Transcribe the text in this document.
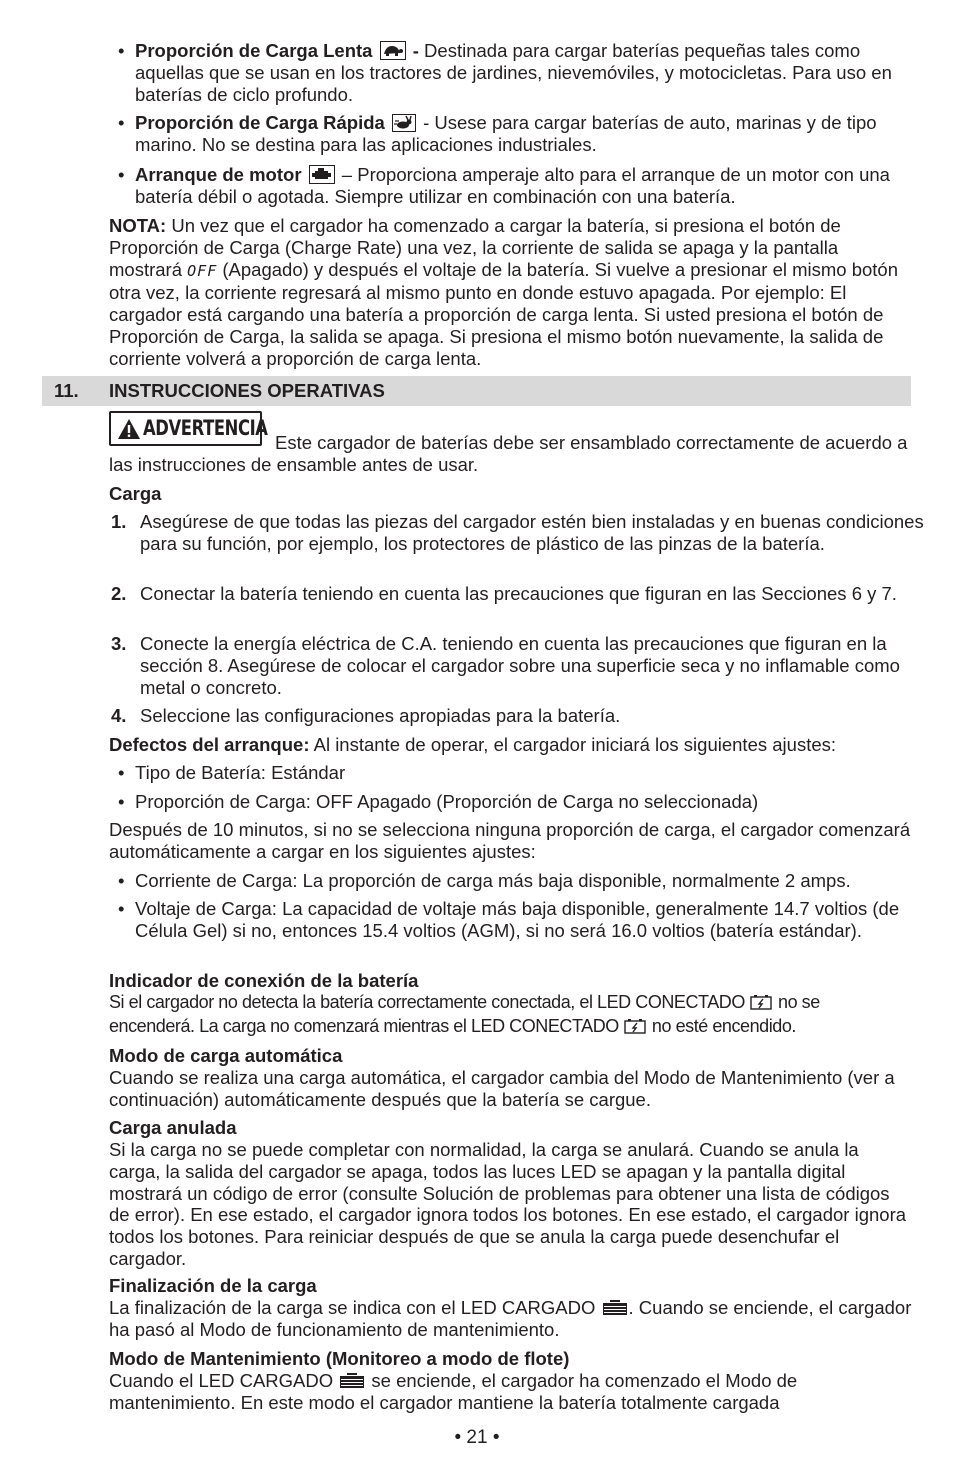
• Proporción de Carga Lenta
- Destinada para cargar baterías pequeñas tales como aquellas que se usan en los tractores de jardines, nievemóviles, y motocicletas. Para uso en baterías de ciclo profundo.

• Proporción de Carga Rápida
- Usese para cargar baterías de auto, marinas y de tipo marino. No se destina para las aplicaciones industriales.

• Arranque de motor
– Proporciona amperaje alto para el arranque de un motor con una batería débil o agotada. Siempre utilizar en combinación con una batería.

NOTA: Un vez que el cargador ha comenzado a cargar la batería, si presiona el botón de Proporción de Carga (Charge Rate) una vez, la corriente de salida se apaga y la pantalla mostrará OFF (Apagado) y después el voltaje de la batería. Si vuelve a presionar el mismo botón otra vez, la corriente regresará al mismo punto en donde estuvo apagada. Por ejemplo: El cargador está cargando una batería a proporción de carga lenta. Si usted presiona el botón de Proporción de Carga, la salida se apaga. Si presiona el mismo botón nuevamente, la salida de corriente volverá a proporción de carga lenta.

11. INSTRUCCIONES OPERATIVAS
ADVERTENCIA

Este cargador de baterías debe ser ensamblado correctamente de acuerdo a las instrucciones de ensamble antes de usar.

Carga

1. Asegúrese de que todas las piezas del cargador estén bien instaladas y en buenas condiciones para su función, por ejemplo, los protectores de plástico de las pinzas de la batería.

2. Conectar la batería teniendo en cuenta las precauciones que figuran en las Secciones 6 y 7.

3. Conecte la energía eléctrica de C.A. teniendo en cuenta las precauciones que figuran en la sección 8. Asegúrese de colocar el cargador sobre una superficie seca y no inflamable como metal o concreto.

4. Seleccione las configuraciones apropiadas para la batería.

Defectos del arranque: Al instante de operar, el cargador iniciará los siguientes ajustes:

• Tipo de Batería: Estándar

• Proporción de Carga: OFF Apagado (Proporción de Carga no seleccionada)

Después de 10 minutos, si no se selecciona ninguna proporción de carga, el cargador comenzará automáticamente a cargar en los siguientes ajustes:

• Corriente de Carga: La proporción de carga más baja disponible, normalmente 2 amps.

• Voltaje de Carga: La capacidad de voltaje más baja disponible, generalmente 14.7 voltios (de Célula Gel) si no, entonces 15.4 voltios (AGM), si no será 16.0 voltios (batería estándar).

Indicador de conexión de la batería

Si el cargador no detecta la batería correctamente conectada, el LED CONECTADO  no se

encenderá. La carga no comenzará mientras el LED CONECTADO  no esté encendido.

Modo de carga automática

Cuando se realiza una carga automática, el cargador cambia del Modo de Mantenimiento (ver a continuación) automáticamente después que la batería se cargue.

Carga anulada

Si la carga no se puede completar con normalidad, la carga se anulará. Cuando se anula la carga, la salida del cargador se apaga, todos las luces LED se apagan y la pantalla digital mostrará un código de error (consulte Solución de problemas para obtener una lista de códigos de error). En ese estado, el cargador ignora todos los botones. En ese estado, el cargador ignora todos los botones. Para reiniciar después de que se anula la carga puede desenchufar el cargador.

Finalización de la carga

La finalización de la carga se indica con el LED CARGADO . Cuando se enciende, el cargador ha pasó al Modo de funcionamiento de mantenimiento.

Modo de Mantenimiento (Monitoreo a modo de flote)

Cuando el LED CARGADO  se enciende, el cargador ha comenzado el Modo de mantenimiento. En este modo el cargador mantiene la batería totalmente cargada

• 21 •
